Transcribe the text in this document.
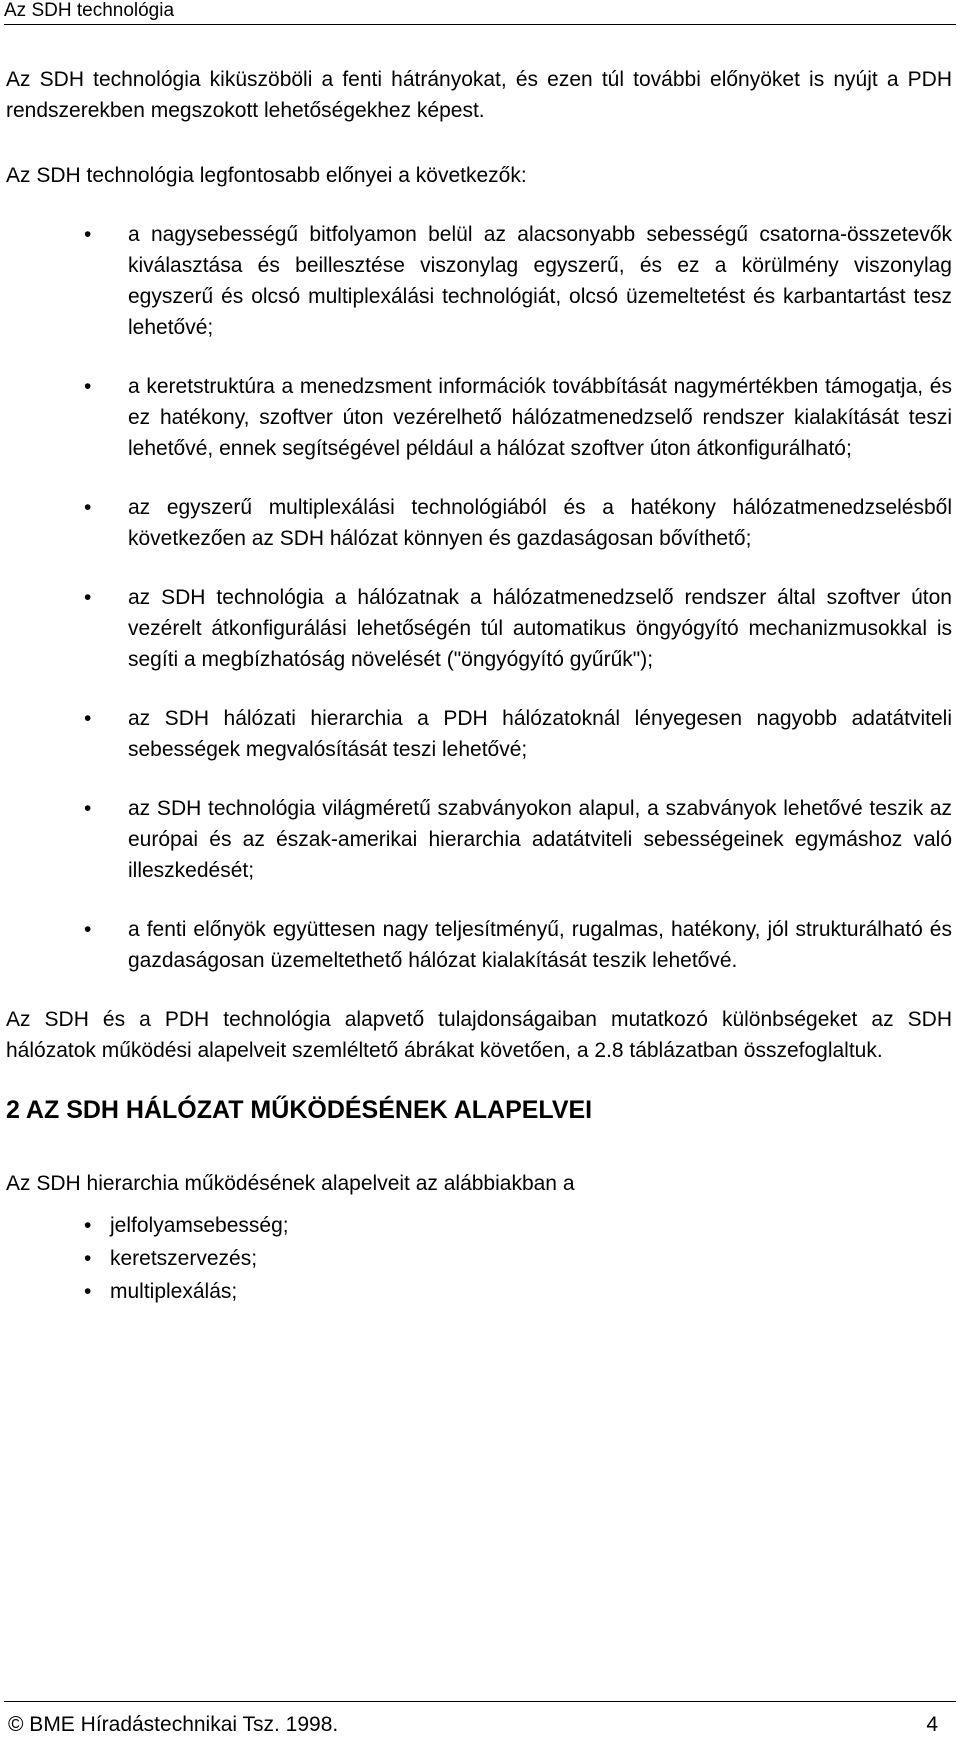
Az SDH technológia

Az SDH technológia kiküszöböli a fenti hátrányokat, és ezen túl további előnyöket is nyújt a PDH rendszerekben megszokott lehetőségekhez képest.

Az SDH technológia legfontosabb előnyei a következők:

• a nagysebességű bitfolyamon belül az alacsonyabb sebességű csatorna-összetevők kiválasztása és beillesztése viszonylag egyszerű, és ez a körülmény viszonylag egyszerű és olcsó multiplexálási technológiát, olcsó üzemeltetést és karbantartást tesz lehetővé;
• a keretstruktúra a menedzsment információk továbbítását nagymértékben támogatja, és ez hatékony, szoftver úton vezérelhető hálózatmenedzselő rendszer kialakítását teszi lehetővé, ennek segítségével például a hálózat szoftver úton átkonfigurálható;
• az egyszerű multiplexálási technológiából és a hatékony hálózatmenedzselésből következően az SDH hálózat könnyen és gazdaságosan bővíthető;
• az SDH technológia a hálózatnak a hálózatmenedzselő rendszer által szoftver úton vezérelt átkonfigurálási lehetőségén túl automatikus öngyógyító mechanizmusokkal is segíti a megbízhatóság növelését ("öngyógyító gyűrűk");
• az SDH hálózati hierarchia a PDH hálózatoknál lényegesen nagyobb adatátviteli sebességek megvalósítását teszi lehetővé;
• az SDH technológia világméretű szabványokon alapul, a szabványok lehetővé teszik az európai és az észak-amerikai hierarchia adatátviteli sebességeinek egymáshoz való illeszkedését;
• a fenti előnyök együttesen nagy teljesítményű, rugalmas, hatékony, jól strukturálható és gazdaságosan üzemeltethető hálózat kialakítását teszik lehetővé.

Az SDH és a PDH technológia alapvető tulajdonságaiban mutatkozó különbségeket az SDH hálózatok működési alapelveit szemléltető ábrákat követően, a 2.8 táblázatban összefoglaltuk.

2 AZ SDH HÁLÓZAT MŰKÖDÉSÉNEK ALAPELVEI

Az SDH hierarchia működésének alapelveit az alábbiakban a

• jelfolyamsebesség;
• keretszervezés;
• multiplexálás;
© BME Híradástechnikai Tsz. 1998.	4
